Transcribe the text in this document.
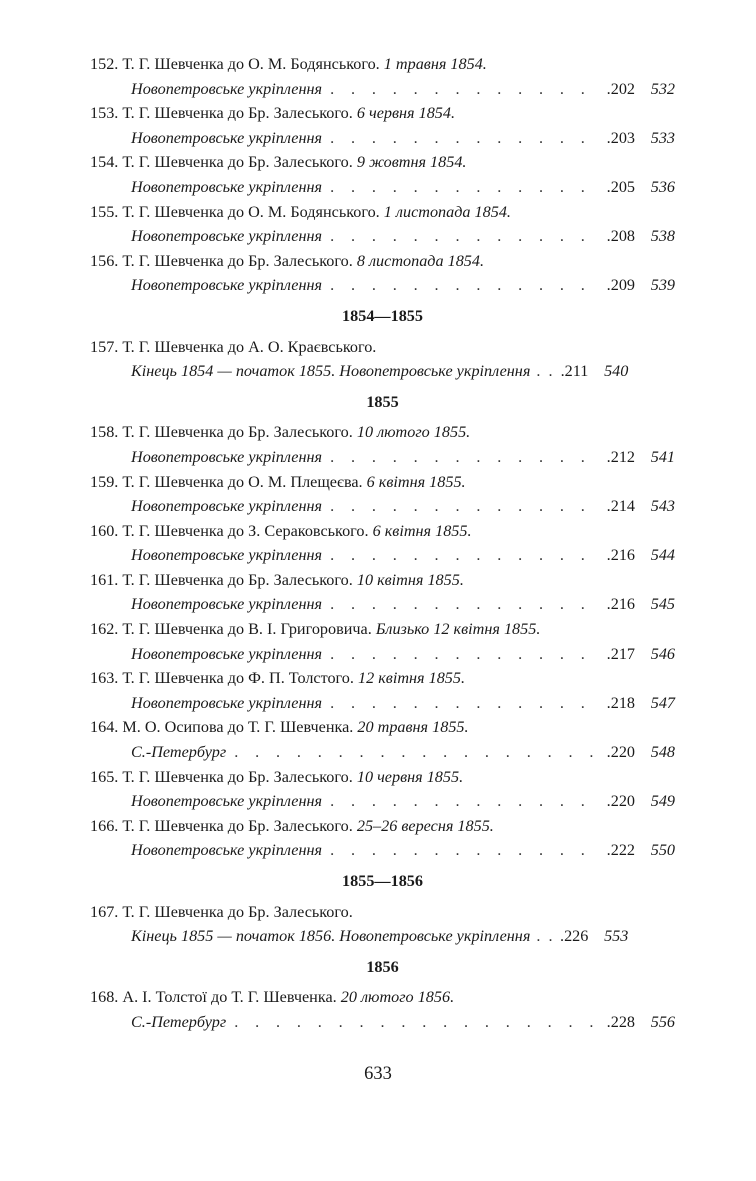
152. Т. Г. Шевченка до О. М. Бодянського. 1 травня 1854.
Новопетровське укріплення . . .	.202 532
153. Т. Г. Шевченка до Бр. Залеського. 6 червня 1854.
Новопетровське укріплення . . .	.203 533
154. Т. Г. Шевченка до Бр. Залеського. 9 жовтня 1854.
Новопетровське укріплення . . .	.205 536
155. Т. Г. Шевченка до О. М. Бодянського. 1 листопада 1854.
Новопетровське укріплення . . .	.208 538
156. Т. Г. Шевченка до Бр. Залеського. 8 листопада 1854.
Новопетровське укріплення . . .	.209 539
1854—1855
157. Т. Г. Шевченка до А. О. Краєвського.
Кінець 1854 — початок 1855. Новопетровське укріплення . . . .211 540
1855
158. Т. Г. Шевченка до Бр. Залеського. 10 лютого 1855.
Новопетровське укріплення . . .	.212 541
159. Т. Г. Шевченка до О. М. Плещеєва. 6 квітня 1855.
Новопетровське укріплення . . .	.214 543
160. Т. Г. Шевченка до З. Сераковського. 6 квітня 1855.
Новопетровське укріплення . . .	.216 544
161. Т. Г. Шевченка до Бр. Залеського. 10 квітня 1855.
Новопетровське укріплення . . .	.216 545
162. Т. Г. Шевченка до В. І. Григоровича. Близько 12 квітня 1855.
Новопетровське укріплення . . .	.217 546
163. Т. Г. Шевченка до Ф. П. Толстого. 12 квітня 1855.
Новопетровське укріплення . . .	.218 547
164. М. О. Осипова до Т. Г. Шевченка. 20 травня 1855.
С.-Петербург . . .	.220 548
165. Т. Г. Шевченка до Бр. Залеського. 10 червня 1855.
Новопетровське укріплення . . .	.220 549
166. Т. Г. Шевченка до Бр. Залеського. 25–26 вересня 1855.
Новопетровське укріплення . . .	.222 550
1855—1856
167. Т. Г. Шевченка до Бр. Залеського.
Кінець 1855 — початок 1856. Новопетровське укріплення . . . .226 553
1856
168. А. І. Толстої до Т. Г. Шевченка. 20 лютого 1856.
С.-Петербург . . .	.228 556
633
